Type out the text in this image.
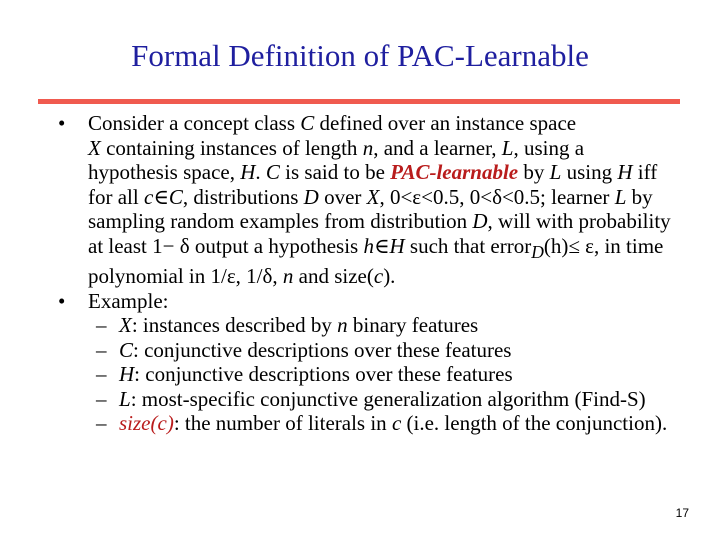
Formal Definition of PAC-Learnable
• Consider a concept class C defined over an instance space
X containing instances of length n, and a learner, L, using a hypothesis space, H. C is said to be PAC-learnable by L using H iff for all c∈C, distributions D over X, 0<ε<0.5, 0<δ<0.5; learner L by sampling random examples from distribution D, will with probability at least 1− δ output a hypothesis h∈H such that error$_D$(h)≤ ε, in time polynomial in 1/ε, 1/δ, n and size(c).
• Example:
– X: instances described by n binary features
– C: conjunctive descriptions over these features
– H: conjunctive descriptions over these features
– L: most-specific conjunctive generalization algorithm (Find-S)
– size(c): the number of literals in c (i.e. length of the conjunction).
17
